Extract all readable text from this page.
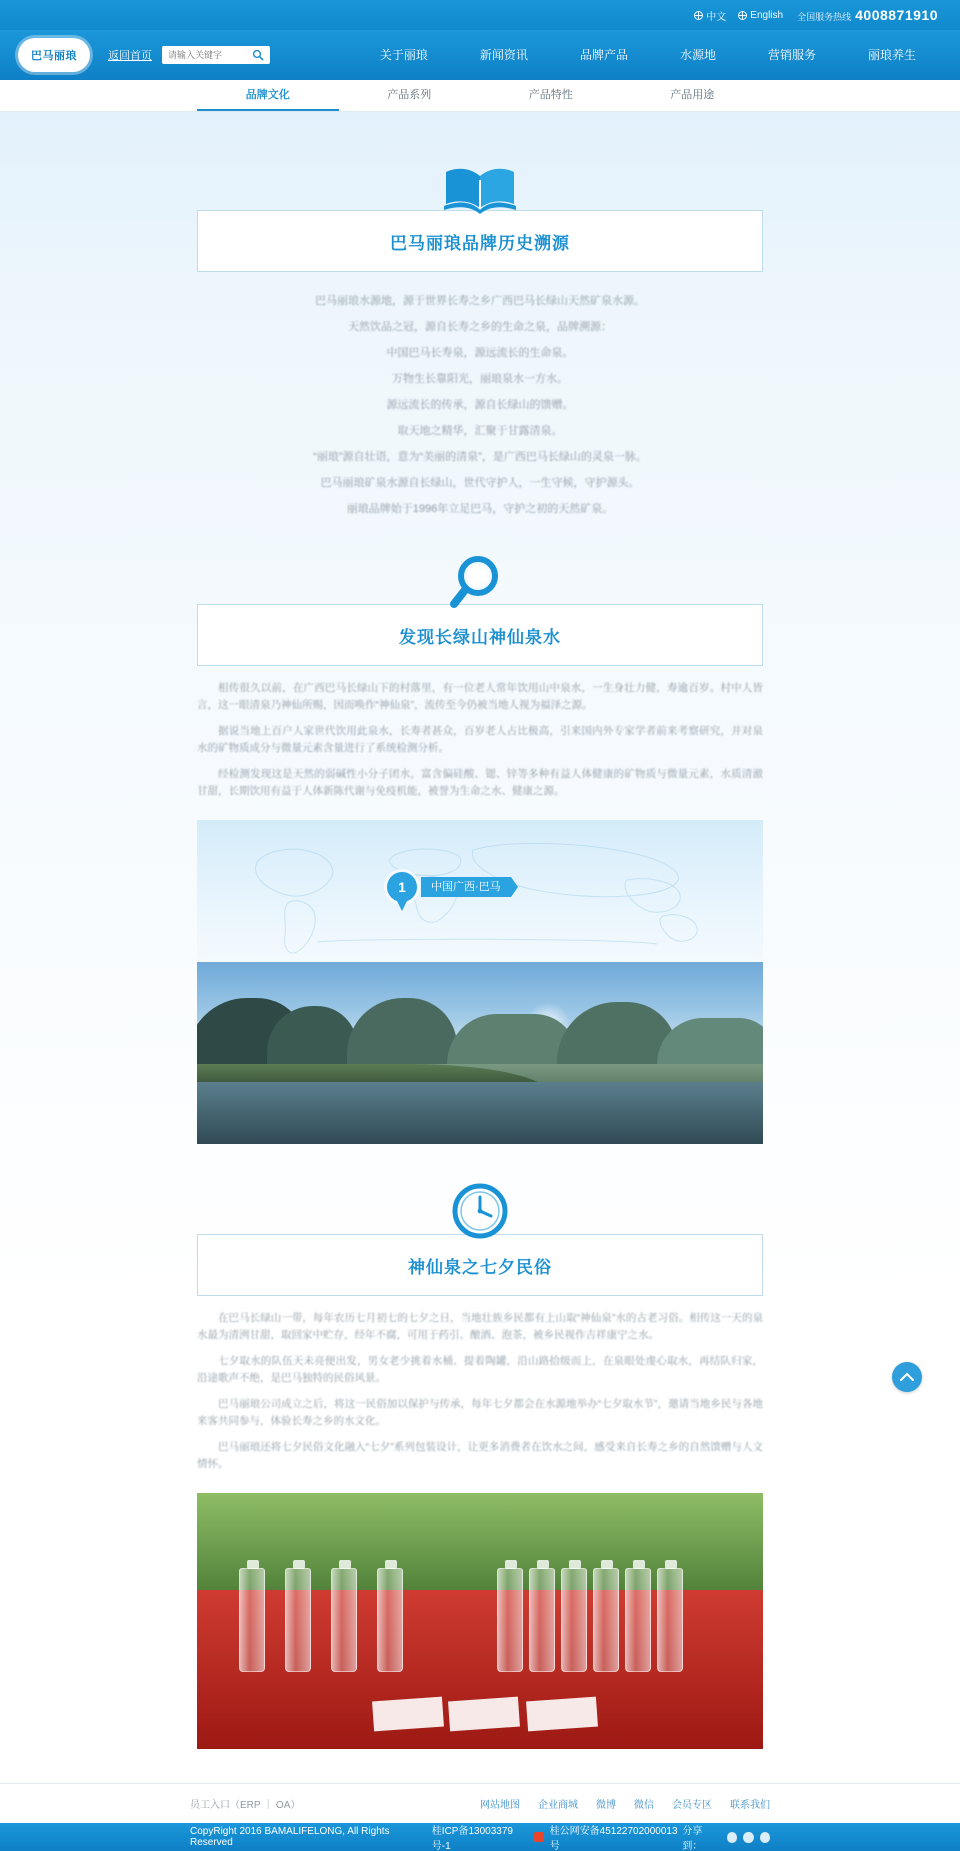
中文 English 全国服务热线 4008871910
巴马丽琅	返回首页
请输入关键字	关于丽琅	新闻资讯	品牌产品	水源地	营销服务	丽琅养生
品牌文化	产品系列	产品特性	产品用途
巴马丽琅品牌历史溯源

巴马丽琅水源地，源于世界长寿之乡广西巴马长绿山天然矿泉水源。

天然饮品之冠，源自长寿之乡的生命之泉，品牌溯源：

中国巴马长寿泉，源远流长的生命泉。

万物生长靠阳光，丽琅泉水一方水。

源远流长的传承，源自长绿山的馈赠。

取天地之精华，汇聚于甘露清泉。

“丽琅”源自壮语，意为“美丽的清泉”，是广西巴马长绿山的灵泉一脉。

巴马丽琅矿泉水源自长绿山，世代守护人，一生守候，守护源头。

丽琅品牌始于1996年立足巴马，守护之初的天然矿泉。

发现长绿山神仙泉水

相传很久以前，在广西巴马长绿山下的村落里，有一位老人常年饮用山中泉水，一生身壮力健，寿逾百岁。村中人皆言，这一眼清泉乃神仙所赐，因而唤作“神仙泉”，流传至今仍被当地人视为福泽之源。

据说当地上百户人家世代饮用此泉水，长寿者甚众，百岁老人占比极高，引来国内外专家学者前来考察研究，并对泉水的矿物质成分与微量元素含量进行了系统检测分析。

经检测发现这是天然的弱碱性小分子团水，富含偏硅酸、锶、锌等多种有益人体健康的矿物质与微量元素，水质清澈甘甜，长期饮用有益于人体新陈代谢与免疫机能，被誉为生命之水、健康之源。

1	中国广西·巴马
神仙泉之七夕民俗

在巴马长绿山一带，每年农历七月初七的七夕之日，当地壮族乡民都有上山取“神仙泉”水的古老习俗。相传这一天的泉水最为清洌甘甜，取回家中贮存，经年不腐，可用于药引、酿酒、泡茶，被乡民视作吉祥康宁之水。

七夕取水的队伍天未亮便出发，男女老少挑着水桶、提着陶罐，沿山路拾级而上，在泉眼处虔心取水，再结队归家，沿途歌声不绝，是巴马独特的民俗风景。

巴马丽琅公司成立之后，将这一民俗加以保护与传承，每年七夕都会在水源地举办“七夕取水节”，邀请当地乡民与各地来客共同参与，体验长寿之乡的水文化。

巴马丽琅还将七夕民俗文化融入“七夕”系列包装设计，让更多消费者在饮水之间，感受来自长寿之乡的自然馈赠与人文情怀。

员工入口（ERP ｜ OA）	网站地图 企业商城 微博 微信 会员专区 联系我们
CopyRight 2016 BAMALIFELONG, All Rights Reserved
桂ICP备13003379号-1
桂公网安备45122702000013号
分享到：
